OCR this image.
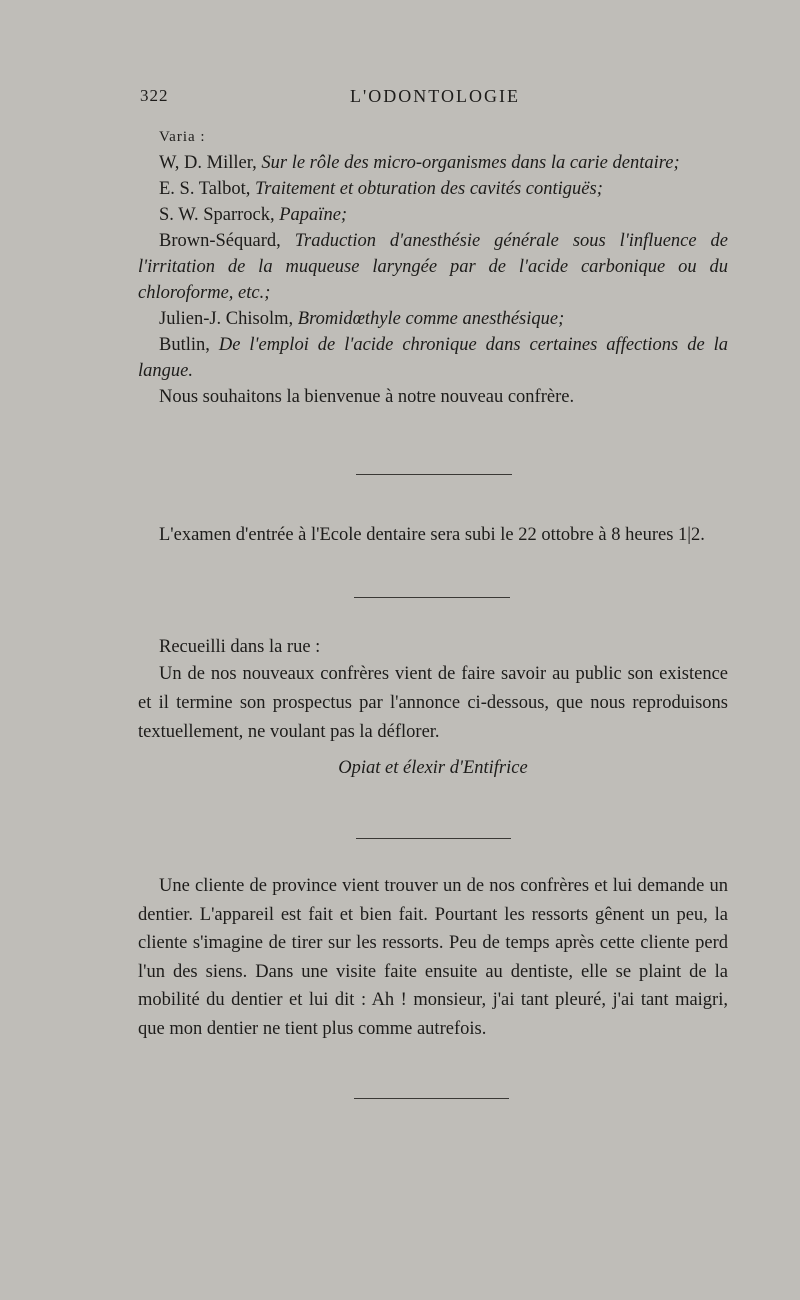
322	L'ODONTOLOGIE

Varia :

W, D. Miller, Sur le rôle des micro-organismes dans la carie dentaire;

E. S. Talbot, Traitement et obturation des cavités contiguës;

S. W. Sparrock, Papaïne;

Brown-Séquard, Traduction d'anesthésie générale sous l'influence de l'irritation de la muqueuse laryngée par de l'acide carbonique ou du chloroforme, etc.;

Julien-J. Chisolm, Bromidœthyle comme anesthésique;

Butlin, De l'emploi de l'acide chronique dans certaines affections de la langue.

Nous souhaitons la bienvenue à notre nouveau confrère.

L'examen d'entrée à l'Ecole dentaire sera subi le 22 ottobre à 8 heures 1|2.

Recueilli dans la rue :

Un de nos nouveaux confrères vient de faire savoir au public son existence et il termine son prospectus par l'annonce ci-dessous, que nous reproduisons textuellement, ne voulant pas la déflorer.

Opiat et élexir d'Entifrice

Une cliente de province vient trouver un de nos confrères et lui demande un dentier. L'appareil est fait et bien fait. Pourtant les ressorts gênent un peu, la cliente s'imagine de tirer sur les ressorts. Peu de temps après cette cliente perd l'un des siens. Dans une visite faite ensuite au dentiste, elle se plaint de la mobilité du dentier et lui dit : Ah ! monsieur, j'ai tant pleuré, j'ai tant maigri, que mon dentier ne tient plus comme autrefois.
